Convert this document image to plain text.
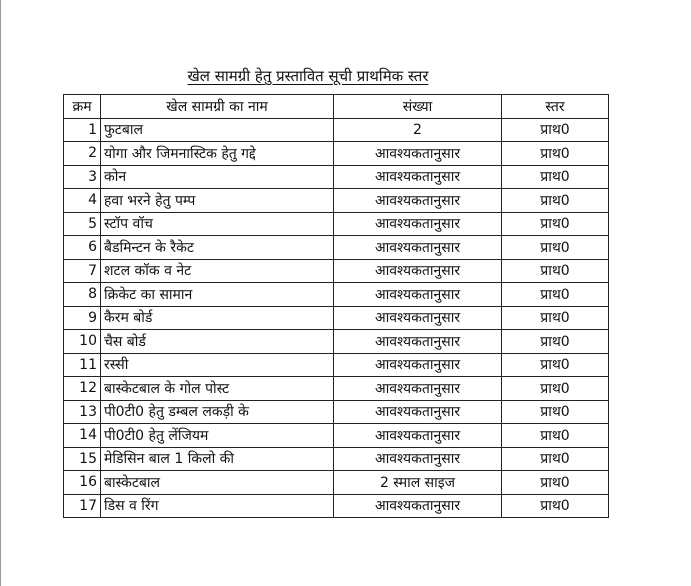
खेल सामग्री हेतु प्रस्तावित सूची प्राथमिक स्तर
क्रम	खेल सामग्री का नाम	संख्या	स्तर
1	फुटबाल	2	प्राथ0
2	योगा और जिमनास्टिक हेतु गद्दे	आवश्यकतानुसार	प्राथ0
3	कोन	आवश्यकतानुसार	प्राथ0
4	हवा भरने हेतु पम्प	आवश्यकतानुसार	प्राथ0
5	स्टॉप वॉच	आवश्यकतानुसार	प्राथ0
6	बैडमिन्टन के रैकेट	आवश्यकतानुसार	प्राथ0
7	शटल कॉक व नेट	आवश्यकतानुसार	प्राथ0
8	क्रिकेट का सामान	आवश्यकतानुसार	प्राथ0
9	कैरम बोर्ड	आवश्यकतानुसार	प्राथ0
10	चैस बोर्ड	आवश्यकतानुसार	प्राथ0
11	रस्सी	आवश्यकतानुसार	प्राथ0
12	बास्केटबाल के गोल पोस्ट	आवश्यकतानुसार	प्राथ0
13	पी0टी0 हेतु डम्बल लकड़ी के	आवश्यकतानुसार	प्राथ0
14	पी0टी0 हेतु लेंजियम	आवश्यकतानुसार	प्राथ0
15	मेडिसिन बाल 1 किलो की	आवश्यकतानुसार	प्राथ0
16	बास्केटबाल	2 स्माल साइज	प्राथ0
17	डिस व रिंग	आवश्यकतानुसार	प्राथ0
